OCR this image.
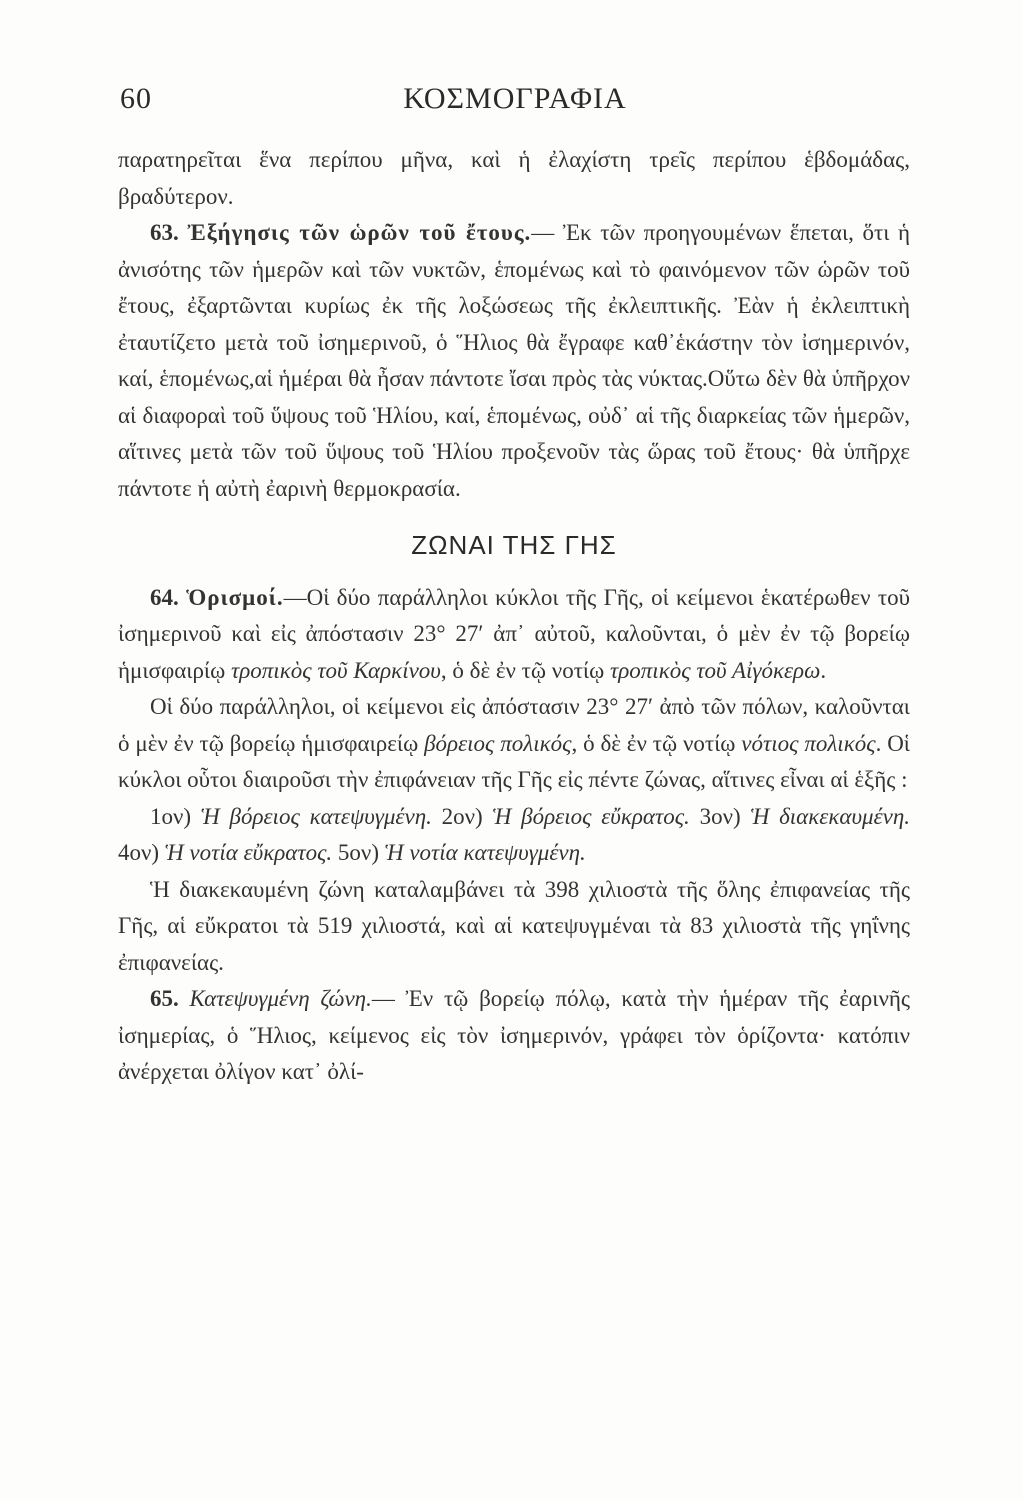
60	ΚΟΣΜΟΓΡΑΦΙΑ

παρατηρεῖται ἕνα περίπου μῆνα, καὶ ἡ ἐλαχίστη τρεῖς περίπου ἑβδομάδας, βραδύτερον.

63. Ἐξήγησις τῶν ὡρῶν τοῦ ἔτους.— Ἐκ τῶν προηγουμένων ἕπεται, ὅτι ἡ ἀνισότης τῶν ἡμερῶν καὶ τῶν νυκτῶν, ἑπομένως καὶ τὸ φαινόμενον τῶν ὡρῶν τοῦ ἔτους, ἐξαρτῶνται κυρίως ἐκ τῆς λοξώσεως τῆς ἐκλειπτικῆς. Ἐὰν ἡ ἐκλειπτικὴ ἐταυτίζετο μετὰ τοῦ ἰσημερινοῦ, ὁ Ἥλιος θὰ ἔγραφε καθ᾽ἑκάστην τὸν ἰσημερινόν, καί, ἑπομένως,αἱ ἡμέραι θὰ ἦσαν πάντοτε ἴσαι πρὸς τὰς νύκτας.Οὕτω δὲν θὰ ὑπῆρχον αἱ διαφοραὶ τοῦ ὕψους τοῦ Ἡλίου, καί, ἑπομένως, οὐδ᾽ αἱ τῆς διαρκείας τῶν ἡμερῶν, αἵτινες μετὰ τῶν τοῦ ὕψους τοῦ Ἡλίου προξενοῦν τὰς ὥρας τοῦ ἔτους· θὰ ὑπῆρχε πάντοτε ἡ αὐτὴ ἐαρινὴ θερμοκρασία.

ΖΩΝΑΙ ΤΗΣ ΓΗΣ

64. Ὁρισμοί.—Οἱ δύο παράλληλοι κύκλοι τῆς Γῆς, οἱ κείμενοι ἑκατέρωθεν τοῦ ἰσημερινοῦ καὶ εἰς ἀπόστασιν 23° 27′ ἀπ᾽ αὐτοῦ, καλοῦνται, ὁ μὲν ἐν τῷ βορείῳ ἡμισφαιρίῳ τροπικὸς τοῦ Καρκίνου, ὁ δὲ ἐν τῷ νοτίῳ τροπικὸς τοῦ Αἰγόκερω.

Οἱ δύο παράλληλοι, οἱ κείμενοι εἰς ἀπόστασιν 23° 27′ ἀπὸ τῶν πόλων, καλοῦνται ὁ μὲν ἐν τῷ βορείῳ ἡμισφαιρείῳ βόρειος πολικός, ὁ δὲ ἐν τῷ νοτίῳ νότιος πολικός. Οἱ κύκλοι οὗτοι διαιροῦσι τὴν ἐπιφάνειαν τῆς Γῆς εἰς πέντε ζώνας, αἵτινες εἶναι αἱ ἑξῆς :

1ον) Ἡ βόρειος κατεψυγμένη. 2ον) Ἡ βόρειος εὔκρατος. 3ον) Ἡ διακεκαυμένη. 4ον) Ἡ νοτία εὔκρατος. 5ον) Ἡ νοτία κατεψυγμένη.

Ἡ διακεκαυμένη ζώνη καταλαμβάνει τὰ 398 χιλιοστὰ τῆς ὅλης ἐπιφανείας τῆς Γῆς, αἱ εὔκρατοι τὰ 519 χιλιοστά, καὶ αἱ κατεψυγμέναι τὰ 83 χιλιοστὰ τῆς γηΐνης ἐπιφανείας.

65. Κατεψυγμένη ζώνη.— Ἐν τῷ βορείῳ πόλῳ, κατὰ τὴν ἡμέραν τῆς ἐαρινῆς ἰσημερίας, ὁ Ἥλιος, κείμενος εἰς τὸν ἰσημερινόν, γράφει τὸν ὁρίζοντα· κατόπιν ἀνέρχεται ὀλίγον κατ᾽ ὀλί-
